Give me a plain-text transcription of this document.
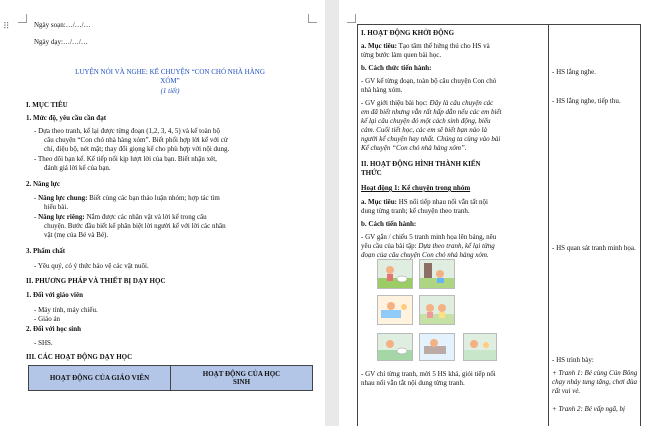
⠿	Ngày soạn:…/…/…
Ngày dạy:…/…/…
LUYỆN NÓI VÀ NGHE: KỂ CHUYỆN “CON CHÓ NHÀ HÀNG
XÓM”
(1 tiết)
I. MỤC TIÊU
1. Mức độ, yêu cầu cần đạt
- Dựa theo tranh, kể lại được từng đoạn (1,2, 3, 4, 5) và kể toàn bộ
câu chuyện “Con chó nhà hàng xóm”. Biết phối hợp lời kể với cử
chỉ, điệu bộ, nét mặt; thay đổi giọng kể cho phù hợp với nội dung.
- Theo dõi bạn kể. Kể tiếp nối kịp lượt lời của bạn. Biết nhận xét,
đánh giá lời kể của bạn.
2. Năng lực
- Năng lực chung: Biết cùng các bạn thảo luận nhóm; hợp tác tìm
hiểu bài.
- Năng lực riêng: Nắm được các nhân vật và lời kể trong câu
chuyện. Bước đầu biết kể phân biệt lời người kể với lời các nhân
vật (mẹ của Bé và Bé).
3. Phẩm chất
- Yêu quý, có ý thức bảo vệ các vật nuôi.
II. PHƯƠNG PHÁP VÀ THIẾT BỊ DẠY HỌC
1. Đối với giáo viên
- Máy tính, máy chiếu.
- Giáo án
2. Đối với học sinh
- SHS.
III. CÁC HOẠT ĐỘNG DẠY HỌC
HOẠT ĐỘNG CỦA GIÁO VIÊN	HOẠT ĐỘNG CỦA HỌC
SINH
I. HOẠT ĐỘNG KHỞI ĐỘNG
a. Mục tiêu: Tạo tâm thế hứng thú cho HS và
từng bước làm quen bài học.
b. Cách thức tiến hành:
- GV kể từng đoạn, toàn bộ câu chuyện Con chó
nhà hàng xóm.
- GV giới thiệu bài học: Đây là câu chuyện các
em đã biết nhưng vẫn rất hấp dẫn nếu các em biết
kể lại câu chuyện đó một cách sinh động, biểu
cảm. Cuối tiết học, các em sẽ biết bạn nào là
người kể chuyện hay nhất. Chúng ta cùng vào bài
Kể chuyện “Con chó nhà hàng xóm”.
- HS lắng nghe.
- HS lắng nghe, tiếp thu.
II. HOẠT ĐỘNG HÌNH THÀNH KIẾN
THỨC
Hoạt động 1: Kể chuyện trong nhóm
a. Mục tiêu: HS nối tiếp nhau nối vẫn tất nội
dung từng tranh; kể chuyện theo tranh.
b. Cách tiến hành:
- GV gắn / chiếu 5 tranh minh họa lên bảng, nêu
yêu cầu của bài tập: Dựa theo tranh, kể lại từng
đoạn của câu chuyện Con chó nhà hàng xóm.
- HS quan sát tranh minh họa.
- HS trình bày:
- GV chỉ từng tranh, mời 5 HS khá, giỏi tiếp nối
nhau nối vẫn tắt nội dung từng tranh.
+ Tranh 1: Bé cùng Cún Bông
chạy nhảy tung tăng, chơi đùa
rất vui vẻ.
+ Tranh 2: Bé vấp ngã, bị
